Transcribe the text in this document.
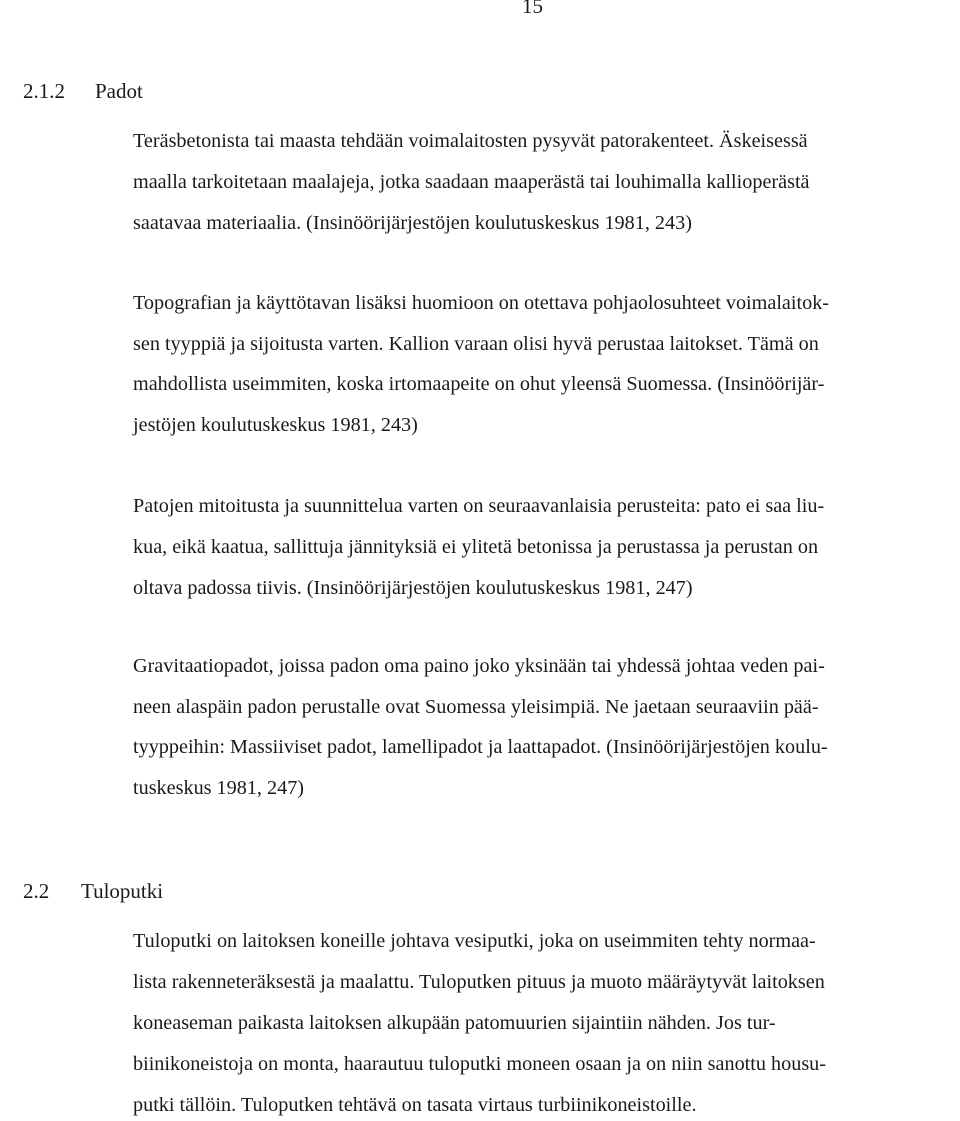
15

2.1.2 Padot

Teräsbetonista tai maasta tehdään voimalaitosten pysyvät patorakenteet. Äskeisessä
maalla tarkoitetaan maalajeja, jotka saadaan maaperästä tai louhimalla kallioperästä
saatavaa materiaalia. (Insinöörijärjestöjen koulutuskeskus 1981, 243)
Topografian ja käyttötavan lisäksi huomioon on otettava pohjaolosuhteet voimalaitok-
sen tyyppiä ja sijoitusta varten. Kallion varaan olisi hyvä perustaa laitokset. Tämä on
mahdollista useimmiten, koska irtomaapeite on ohut yleensä Suomessa. (Insinöörijär-
jestöjen koulutuskeskus 1981, 243)
Patojen mitoitusta ja suunnittelua varten on seuraavanlaisia perusteita: pato ei saa liu-
kua, eikä kaatua, sallittuja jännityksiä ei ylitetä betonissa ja perustassa ja perustan on
oltava padossa tiivis. (Insinöörijärjestöjen koulutuskeskus 1981, 247)
Gravitaatiopadot, joissa padon oma paino joko yksinään tai yhdessä johtaa veden pai-
neen alaspäin padon perustalle ovat Suomessa yleisimpiä. Ne jaetaan seuraaviin pää-
tyyppeihin: Massiiviset padot, lamellipadot ja laattapadot. (Insinöörijärjestöjen koulu-
tuskeskus 1981, 247)

2.2 Tuloputki

Tuloputki on laitoksen koneille johtava vesiputki, joka on useimmiten tehty normaa-
lista rakenneteräksestä ja maalattu. Tuloputken pituus ja muoto määräytyvät laitoksen
koneaseman paikasta laitoksen alkupään patomuurien sijaintiin nähden. Jos tur-
biinikoneistoja on monta, haarautuu tuloputki moneen osaan ja on niin sanottu housu-
putki tällöin. Tuloputken tehtävä on tasata virtaus turbiinikoneistoille.
